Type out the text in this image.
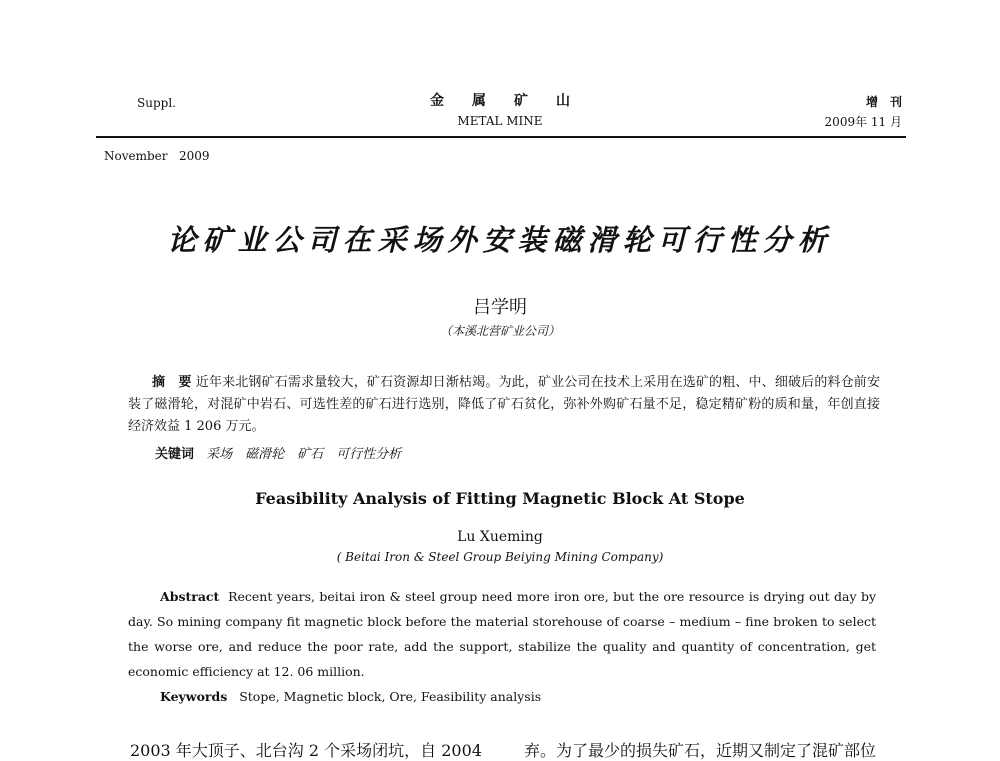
Suppl.

November   2009

金　　属　　矿　　山
METAL MINE
增　刊
2009年 11 月
论矿业公司在采场外安装磁滑轮可行性分析
吕学明
（本溪北营矿业公司）
摘　要 近年来北钢矿石需求量较大，矿石资源却日渐枯竭。为此，矿业公司在技术上采用在选矿的粗、中、细破后的料仓前安装了磁滑轮，对混矿中岩石、可选性差的矿石进行选别，降低了矿石贫化，弥补外购矿石量不足，稳定精矿粉的质和量，年创直接经济效益 1 206 万元。
关键词 采场　磁滑轮　矿石　可行性分析
Feasibility Analysis of Fitting Magnetic Block At Stope
Lu Xueming
( Beitai Iron & Steel Group Beiying Mining Company)
Abstract Recent years, beitai iron & steel group need more iron ore, but the ore resource is drying out day by day. So mining company fit magnetic block before the material storehouse of coarse – medium – fine broken to select the worse ore, and reduce the poor rate, add the support, stabilize the quality and quantity of concentration, get economic efficiency at 12. 06 million.
Keywords Stope, Magnetic block, Ore, Feasibility analysis
2003 年大顶子、北台沟 2 个采场闭坑，自 2004	弃。为了最少的损失矿石，近期又制定了混矿部位
